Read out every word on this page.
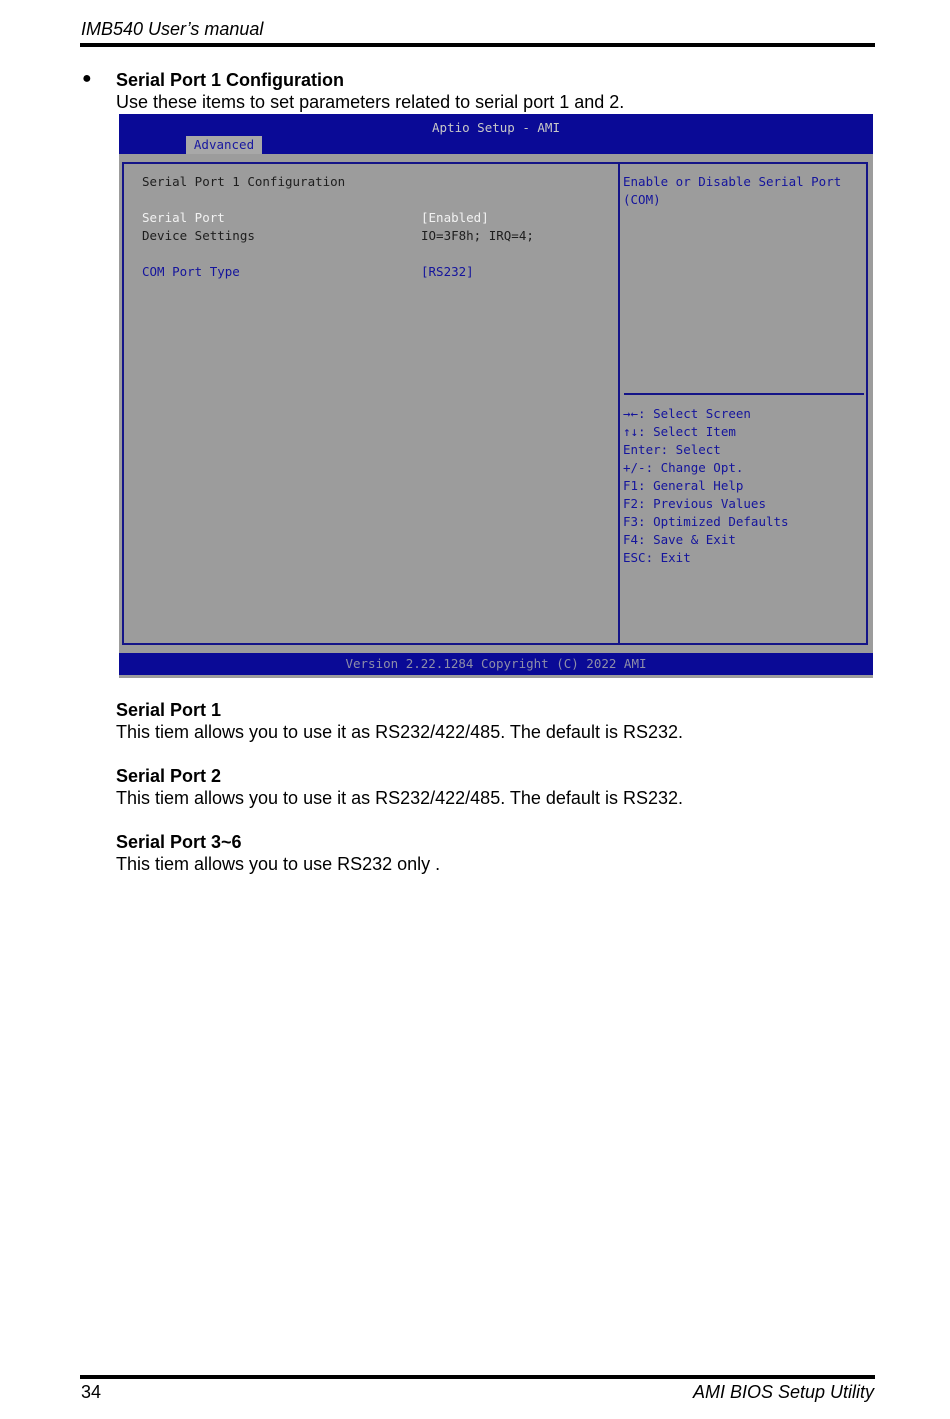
IMB540 User’s manual
● Serial Port 1 Configuration
Use these items to set parameters related to serial port 1 and 2.
Aptio Setup - AMI
Advanced
Serial Port 1 Configuration
Serial Port	[Enabled]
Device Settings	IO=3F8h; IRQ=4;
COM Port Type	[RS232]
Enable or Disable Serial Port
(COM)
→←: Select Screen
↑↓: Select Item
Enter: Select
+/-: Change Opt.
F1: General Help
F2: Previous Values
F3: Optimized Defaults
F4: Save & Exit
ESC: Exit
Version 2.22.1284 Copyright (C) 2022 AMI
Serial Port 1
This tiem allows you to use it as RS232/422/485. The default is RS232.
Serial Port 2
This tiem allows you to use it as RS232/422/485. The default is RS232.
Serial Port 3~6
This tiem allows you to use RS232 only .
34	AMI BIOS Setup Utility
